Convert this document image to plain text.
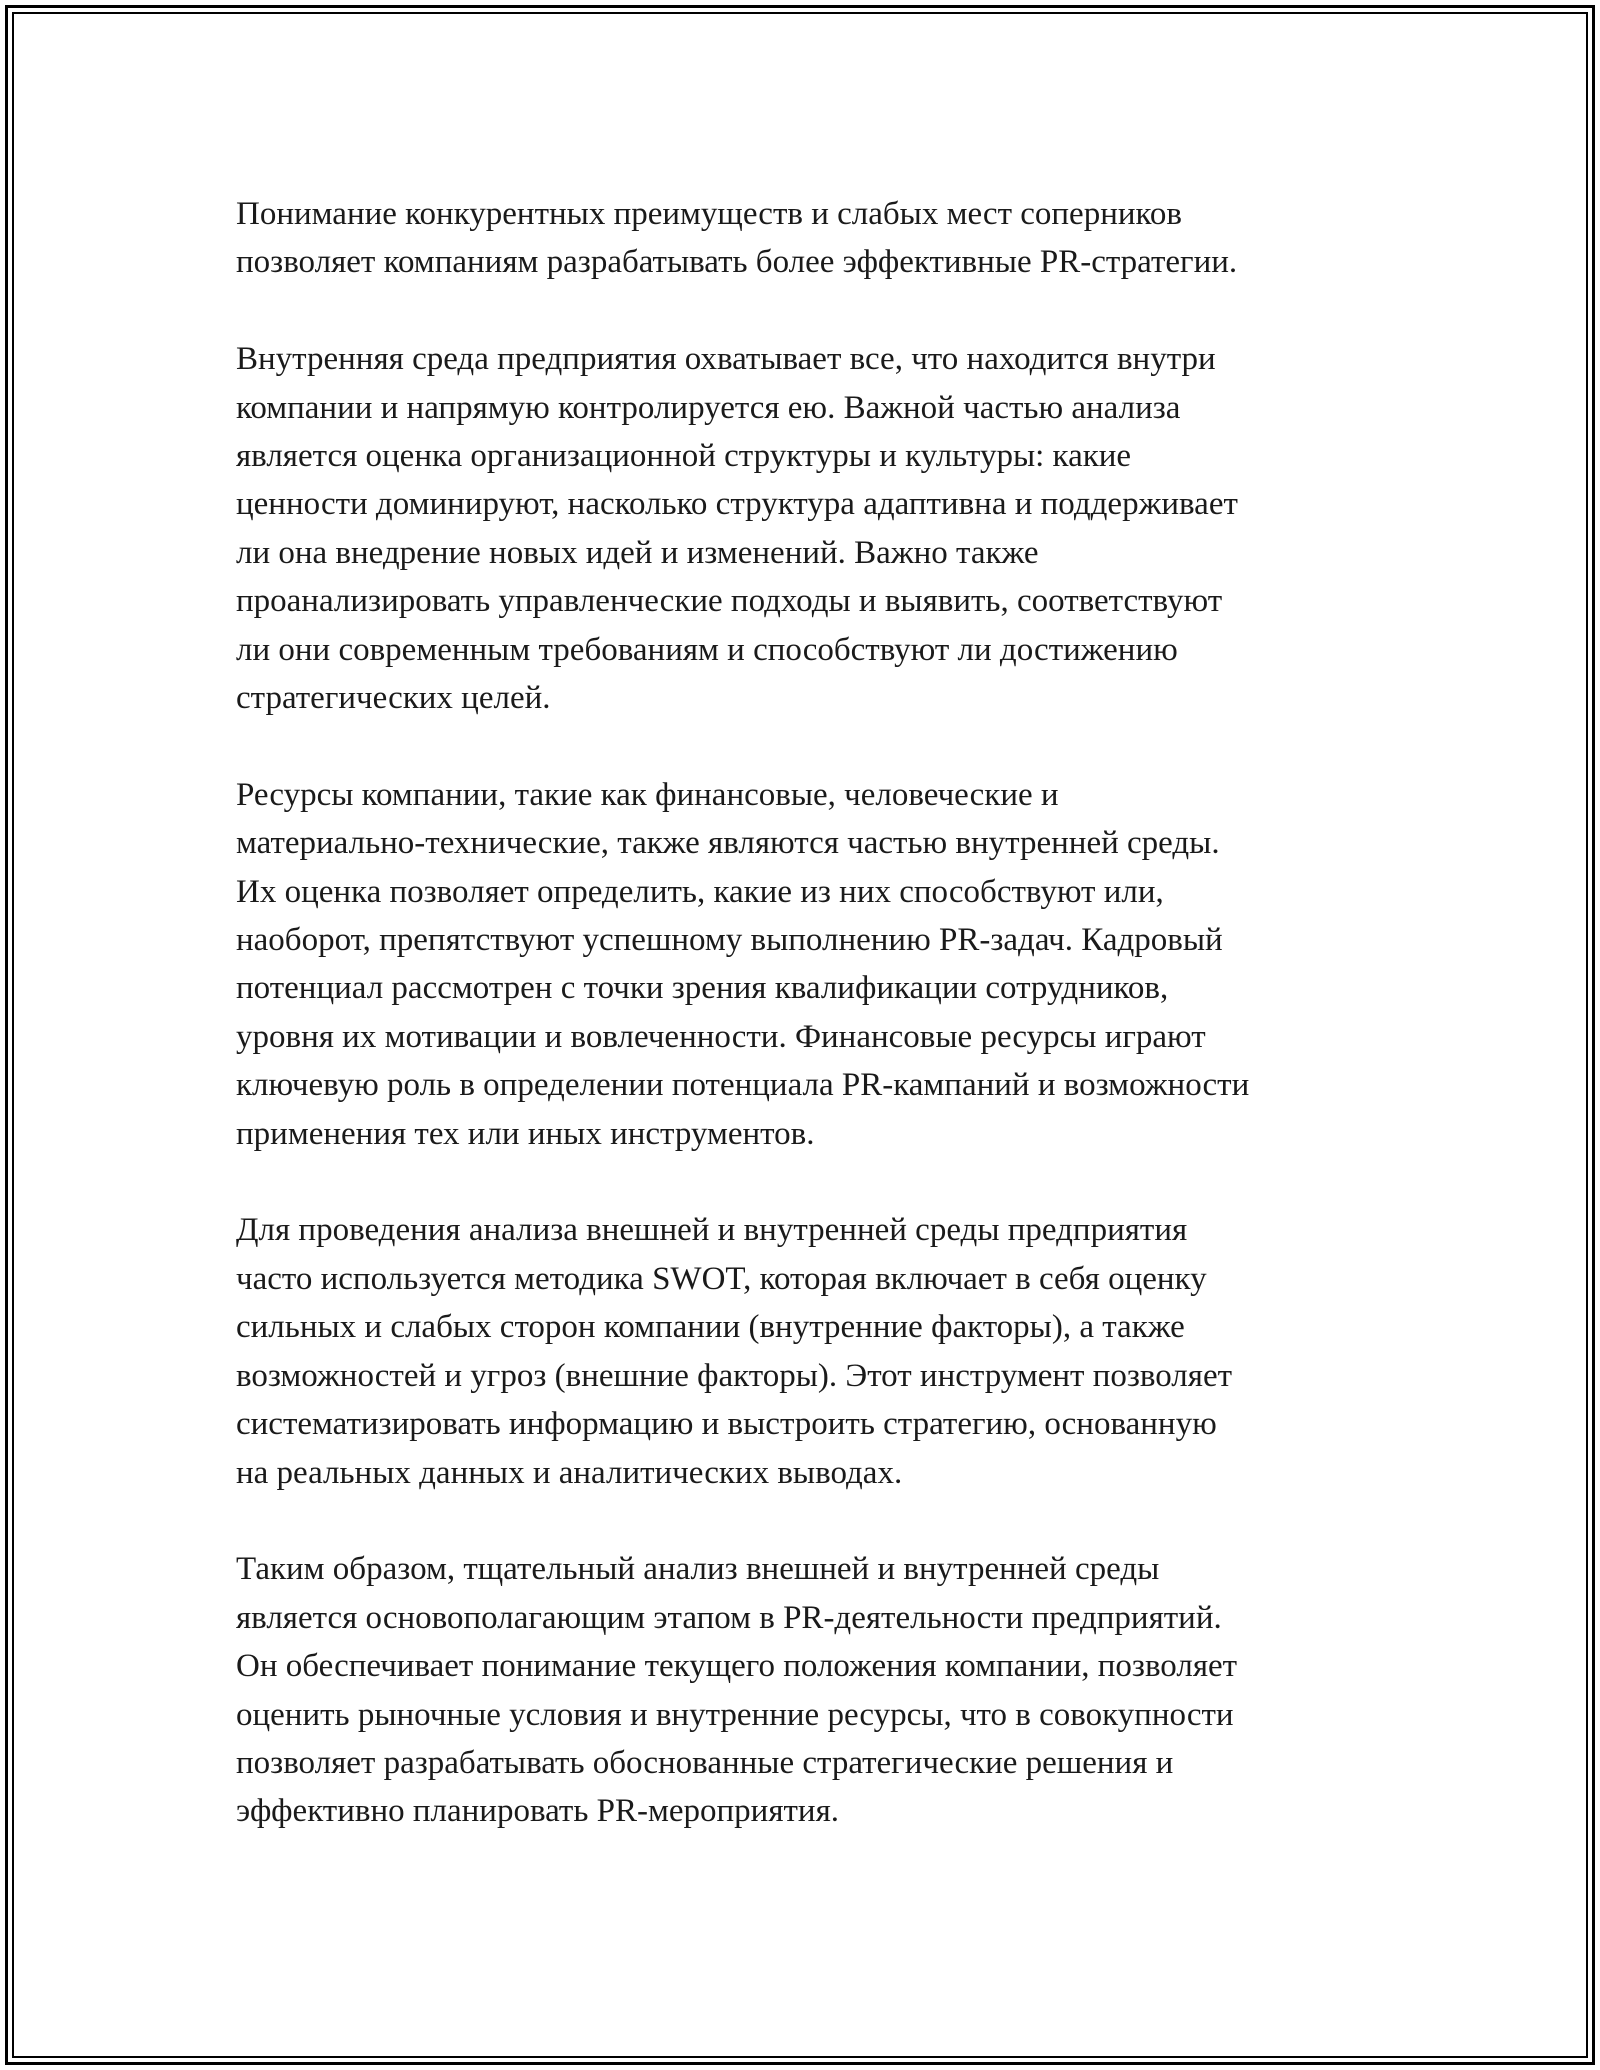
Понимание конкурентных преимуществ и слабых мест соперников
позволяет компаниям разрабатывать более эффективные PR-стратегии.

Внутренняя среда предприятия охватывает все, что находится внутри
компании и напрямую контролируется ею. Важной частью анализа
является оценка организационной структуры и культуры: какие
ценности доминируют, насколько структура адаптивна и поддерживает
ли она внедрение новых идей и изменений. Важно также
проанализировать управленческие подходы и выявить, соответствуют
ли они современным требованиям и способствуют ли достижению
стратегических целей.

Ресурсы компании, такие как финансовые, человеческие и
материально-технические, также являются частью внутренней среды.
Их оценка позволяет определить, какие из них способствуют или,
наоборот, препятствуют успешному выполнению PR-задач. Кадровый
потенциал рассмотрен с точки зрения квалификации сотрудников,
уровня их мотивации и вовлеченности. Финансовые ресурсы играют
ключевую роль в определении потенциала PR-кампаний и возможности
применения тех или иных инструментов.

Для проведения анализа внешней и внутренней среды предприятия
часто используется методика SWOT, которая включает в себя оценку
сильных и слабых сторон компании (внутренние факторы), а также
возможностей и угроз (внешние факторы). Этот инструмент позволяет
систематизировать информацию и выстроить стратегию, основанную
на реальных данных и аналитических выводах.

Таким образом, тщательный анализ внешней и внутренней среды
является основополагающим этапом в PR-деятельности предприятий.
Он обеспечивает понимание текущего положения компании, позволяет
оценить рыночные условия и внутренние ресурсы, что в совокупности
позволяет разрабатывать обоснованные стратегические решения и
эффективно планировать PR-мероприятия.
